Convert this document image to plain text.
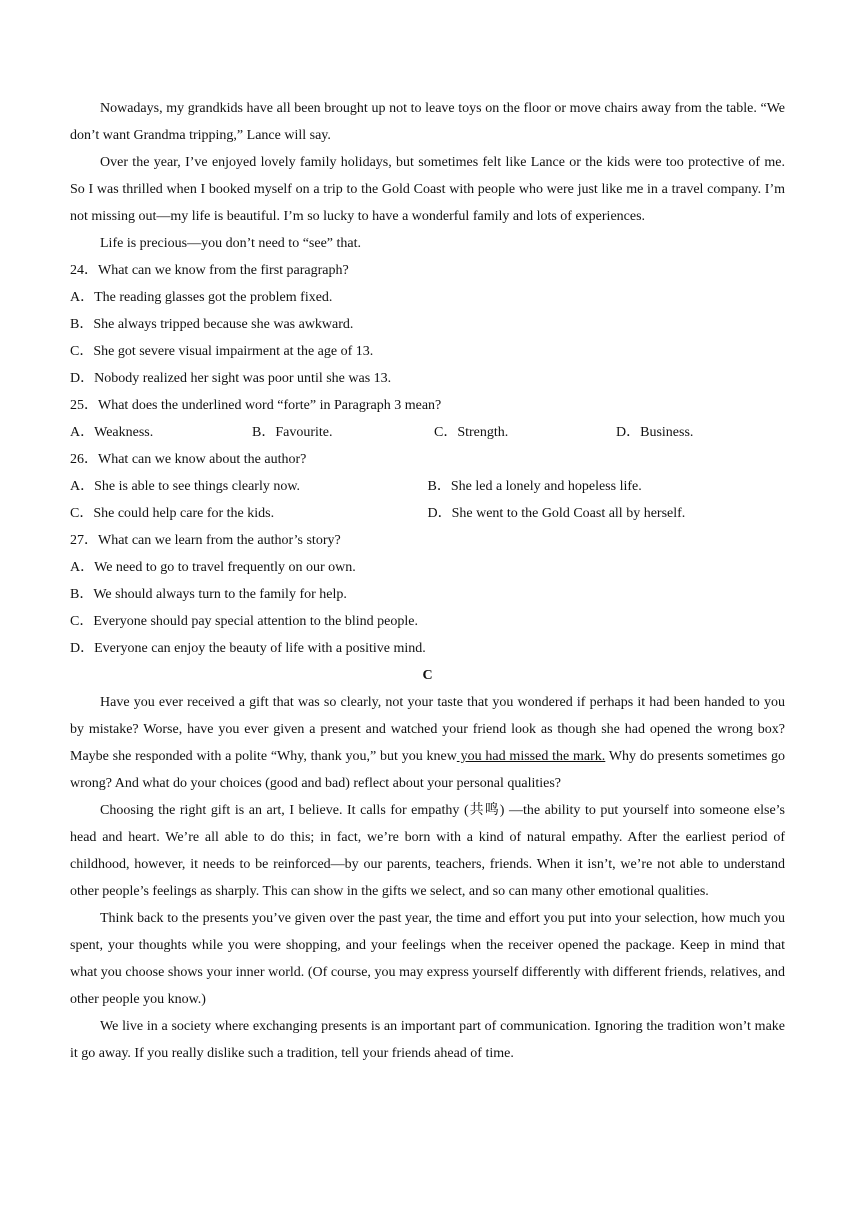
Nowadays, my grandkids have all been brought up not to leave toys on the floor or move chairs away from the table. “We don’t want Grandma tripping,” Lance will say.

Over the year, I’ve enjoyed lovely family holidays, but sometimes felt like Lance or the kids were too protective of me. So I was thrilled when I booked myself on a trip to the Gold Coast with people who were just like me in a travel company. I’m not missing out—my life is beautiful. I’m so lucky to have a wonderful family and lots of experiences.

Life is precious—you don’t need to “see” that.

24．What can we know from the first paragraph?

A．The reading glasses got the problem fixed.

B．She always tripped because she was awkward.

C．She got severe visual impairment at the age of 13.

D．Nobody realized her sight was poor until she was 13.

25．What does the underlined word “forte” in Paragraph 3 mean?

A．Weakness.	B．Favourite.	C．Strength.	D．Business.

26．What can we know about the author?

A．She is able to see things clearly now.	B．She led a lonely and hopeless life.
C．She could help care for the kids.	D．She went to the Gold Coast all by herself.

27．What can we learn from the author’s story?

A．We need to go to travel frequently on our own.

B．We should always turn to the family for help.

C．Everyone should pay special attention to the blind people.

D．Everyone can enjoy the beauty of life with a positive mind.

C

Have you ever received a gift that was so clearly, not your taste that you wondered if perhaps it had been handed to you by mistake? Worse, have you ever given a present and watched your friend look as though she had opened the wrong box? Maybe she responded with a polite “Why, thank you,” but you knew you had missed the mark. Why do presents sometimes go wrong? And what do your choices (good and bad) reflect about your personal qualities?

Choosing the right gift is an art, I believe. It calls for empathy (共鸣) —the ability to put yourself into someone else’s head and heart. We’re all able to do this; in fact, we’re born with a kind of natural empathy. After the earliest period of childhood, however, it needs to be reinforced—by our parents, teachers, friends. When it isn’t, we’re not able to understand other people’s feelings as sharply. This can show in the gifts we select, and so can many other emotional qualities.

Think back to the presents you’ve given over the past year, the time and effort you put into your selection, how much you spent, your thoughts while you were shopping, and your feelings when the receiver opened the package. Keep in mind that what you choose shows your inner world. (Of course, you may express yourself differently with different friends, relatives, and other people you know.)

We live in a society where exchanging presents is an important part of communication. Ignoring the tradition won’t make it go away. If you really dislike such a tradition, tell your friends ahead of time.
